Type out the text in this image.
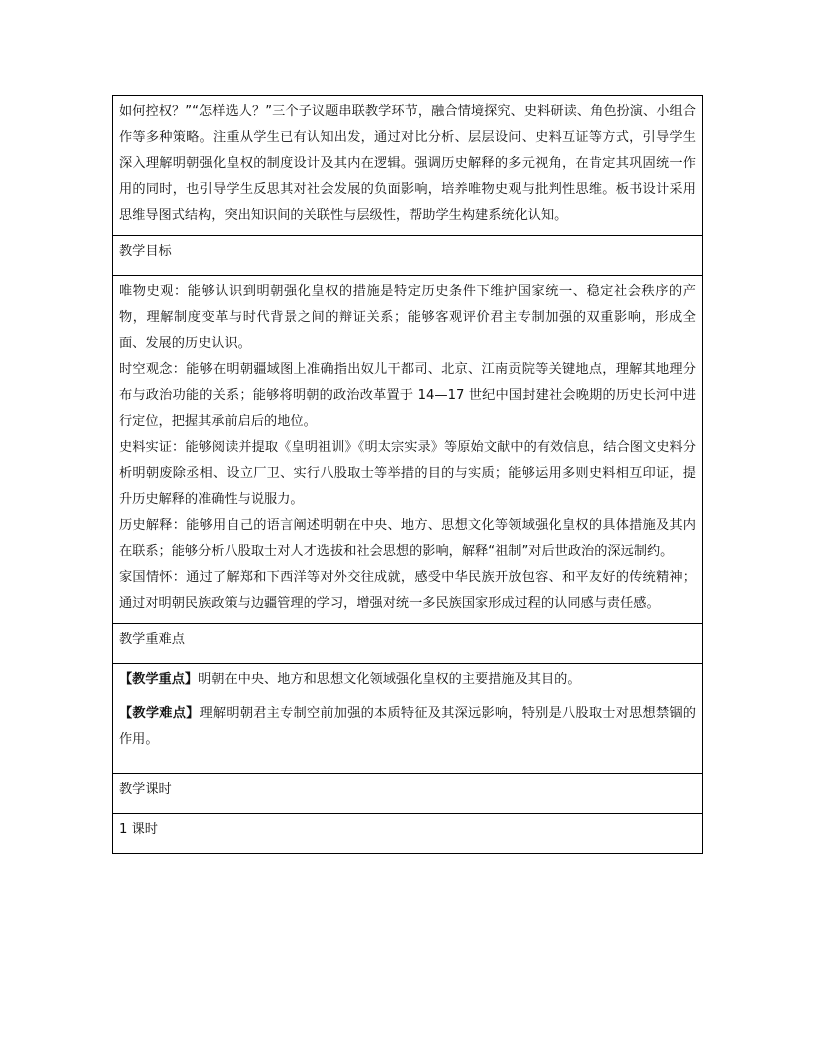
如何控权？”“怎样选人？”三个子议题串联教学环节，融合情境探究、史料研读、角色扮演、小组合作等多种策略。注重从学生已有认知出发，通过对比分析、层层设问、史料互证等方式，引导学生深入理解明朝强化皇权的制度设计及其内在逻辑。强调历史解释的多元视角，在肯定其巩固统一作用的同时，也引导学生反思其对社会发展的负面影响，培养唯物史观与批判性思维。板书设计采用思维导图式结构，突出知识间的关联性与层级性，帮助学生构建系统化认知。

教学目标

唯物史观：能够认识到明朝强化皇权的措施是特定历史条件下维护国家统一、稳定社会秩序的产物，理解制度变革与时代背景之间的辩证关系；能够客观评价君主专制加强的双重影响，形成全面、发展的历史认识。

时空观念：能够在明朝疆域图上准确指出奴儿干都司、北京、江南贡院等关键地点，理解其地理分布与政治功能的关系；能够将明朝的政治改革置于 14—17 世纪中国封建社会晚期的历史长河中进行定位，把握其承前启后的地位。

史料实证：能够阅读并提取《皇明祖训》《明太宗实录》等原始文献中的有效信息，结合图文史料分析明朝废除丞相、设立厂卫、实行八股取士等举措的目的与实质；能够运用多则史料相互印证，提升历史解释的准确性与说服力。

历史解释：能够用自己的语言阐述明朝在中央、地方、思想文化等领域强化皇权的具体措施及其内在联系；能够分析八股取士对人才选拔和社会思想的影响，解释“祖制”对后世政治的深远制约。

家国情怀：通过了解郑和下西洋等对外交往成就，感受中华民族开放包容、和平友好的传统精神；通过对明朝民族政策与边疆管理的学习，增强对统一多民族国家形成过程的认同感与责任感。

教学重难点

【教学重点】明朝在中央、地方和思想文化领域强化皇权的主要措施及其目的。

【教学难点】理解明朝君主专制空前加强的本质特征及其深远影响，特别是八股取士对思想禁锢的作用。

教学课时
1 课时
